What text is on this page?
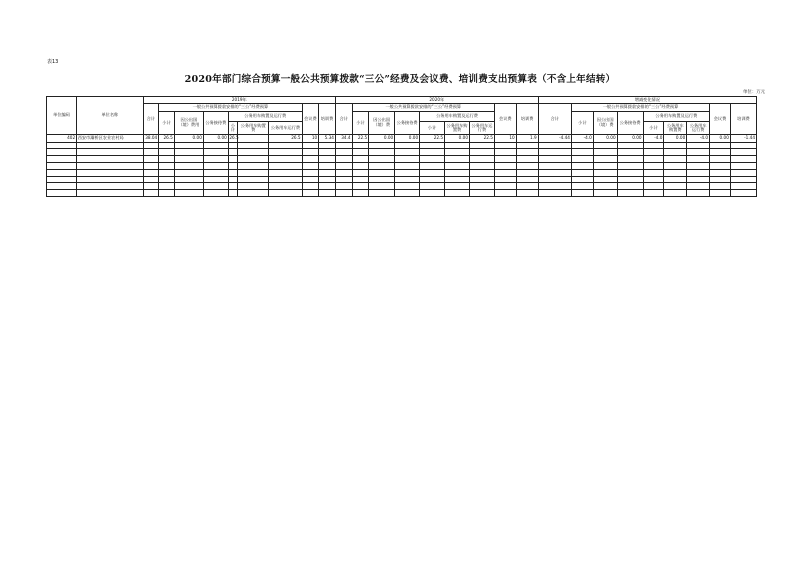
表13
2020年部门综合预算一般公共预算拨款“三公”经费及会议费、培训费支出预算表（不含上年结转）
单位：万元
单位编码	单位名称	2019年									2020年									增减变化情况								
		合计	一般公共预算拨款安排的“三公”经费预算						会议费	培训费	合计	一般公共预算拨款安排的“三公”经费预算						会议费	培训费	合计	一般公共预算拨款安排的“三公”经费预算						会议费	培训费
			小计	因公出国（境）费用	公务接待费	公务用车购置及运行费						小计	因公出国（境）费	公务接待费	公务用车购置及运行费						小计	因公出国（境）费	公务接待费	公务用车购置及运行费				
						小计	公务用车购置费	公务用车运行费							小计	公务用车购置费	公务用车运行费							小计	公务用车购置费	公务用车运行费		
402	西安市灞桥区农业农村局	38.04	26.5	0.00	0.00	26.5		26.5	10	5.34	34.4	22.5	0.00	0.00	22.5	0.00	22.5	10	1.9	-4.44	-4.0	0.00	0.00	-4.0	0.00	-4.0	0.00	-1.44
